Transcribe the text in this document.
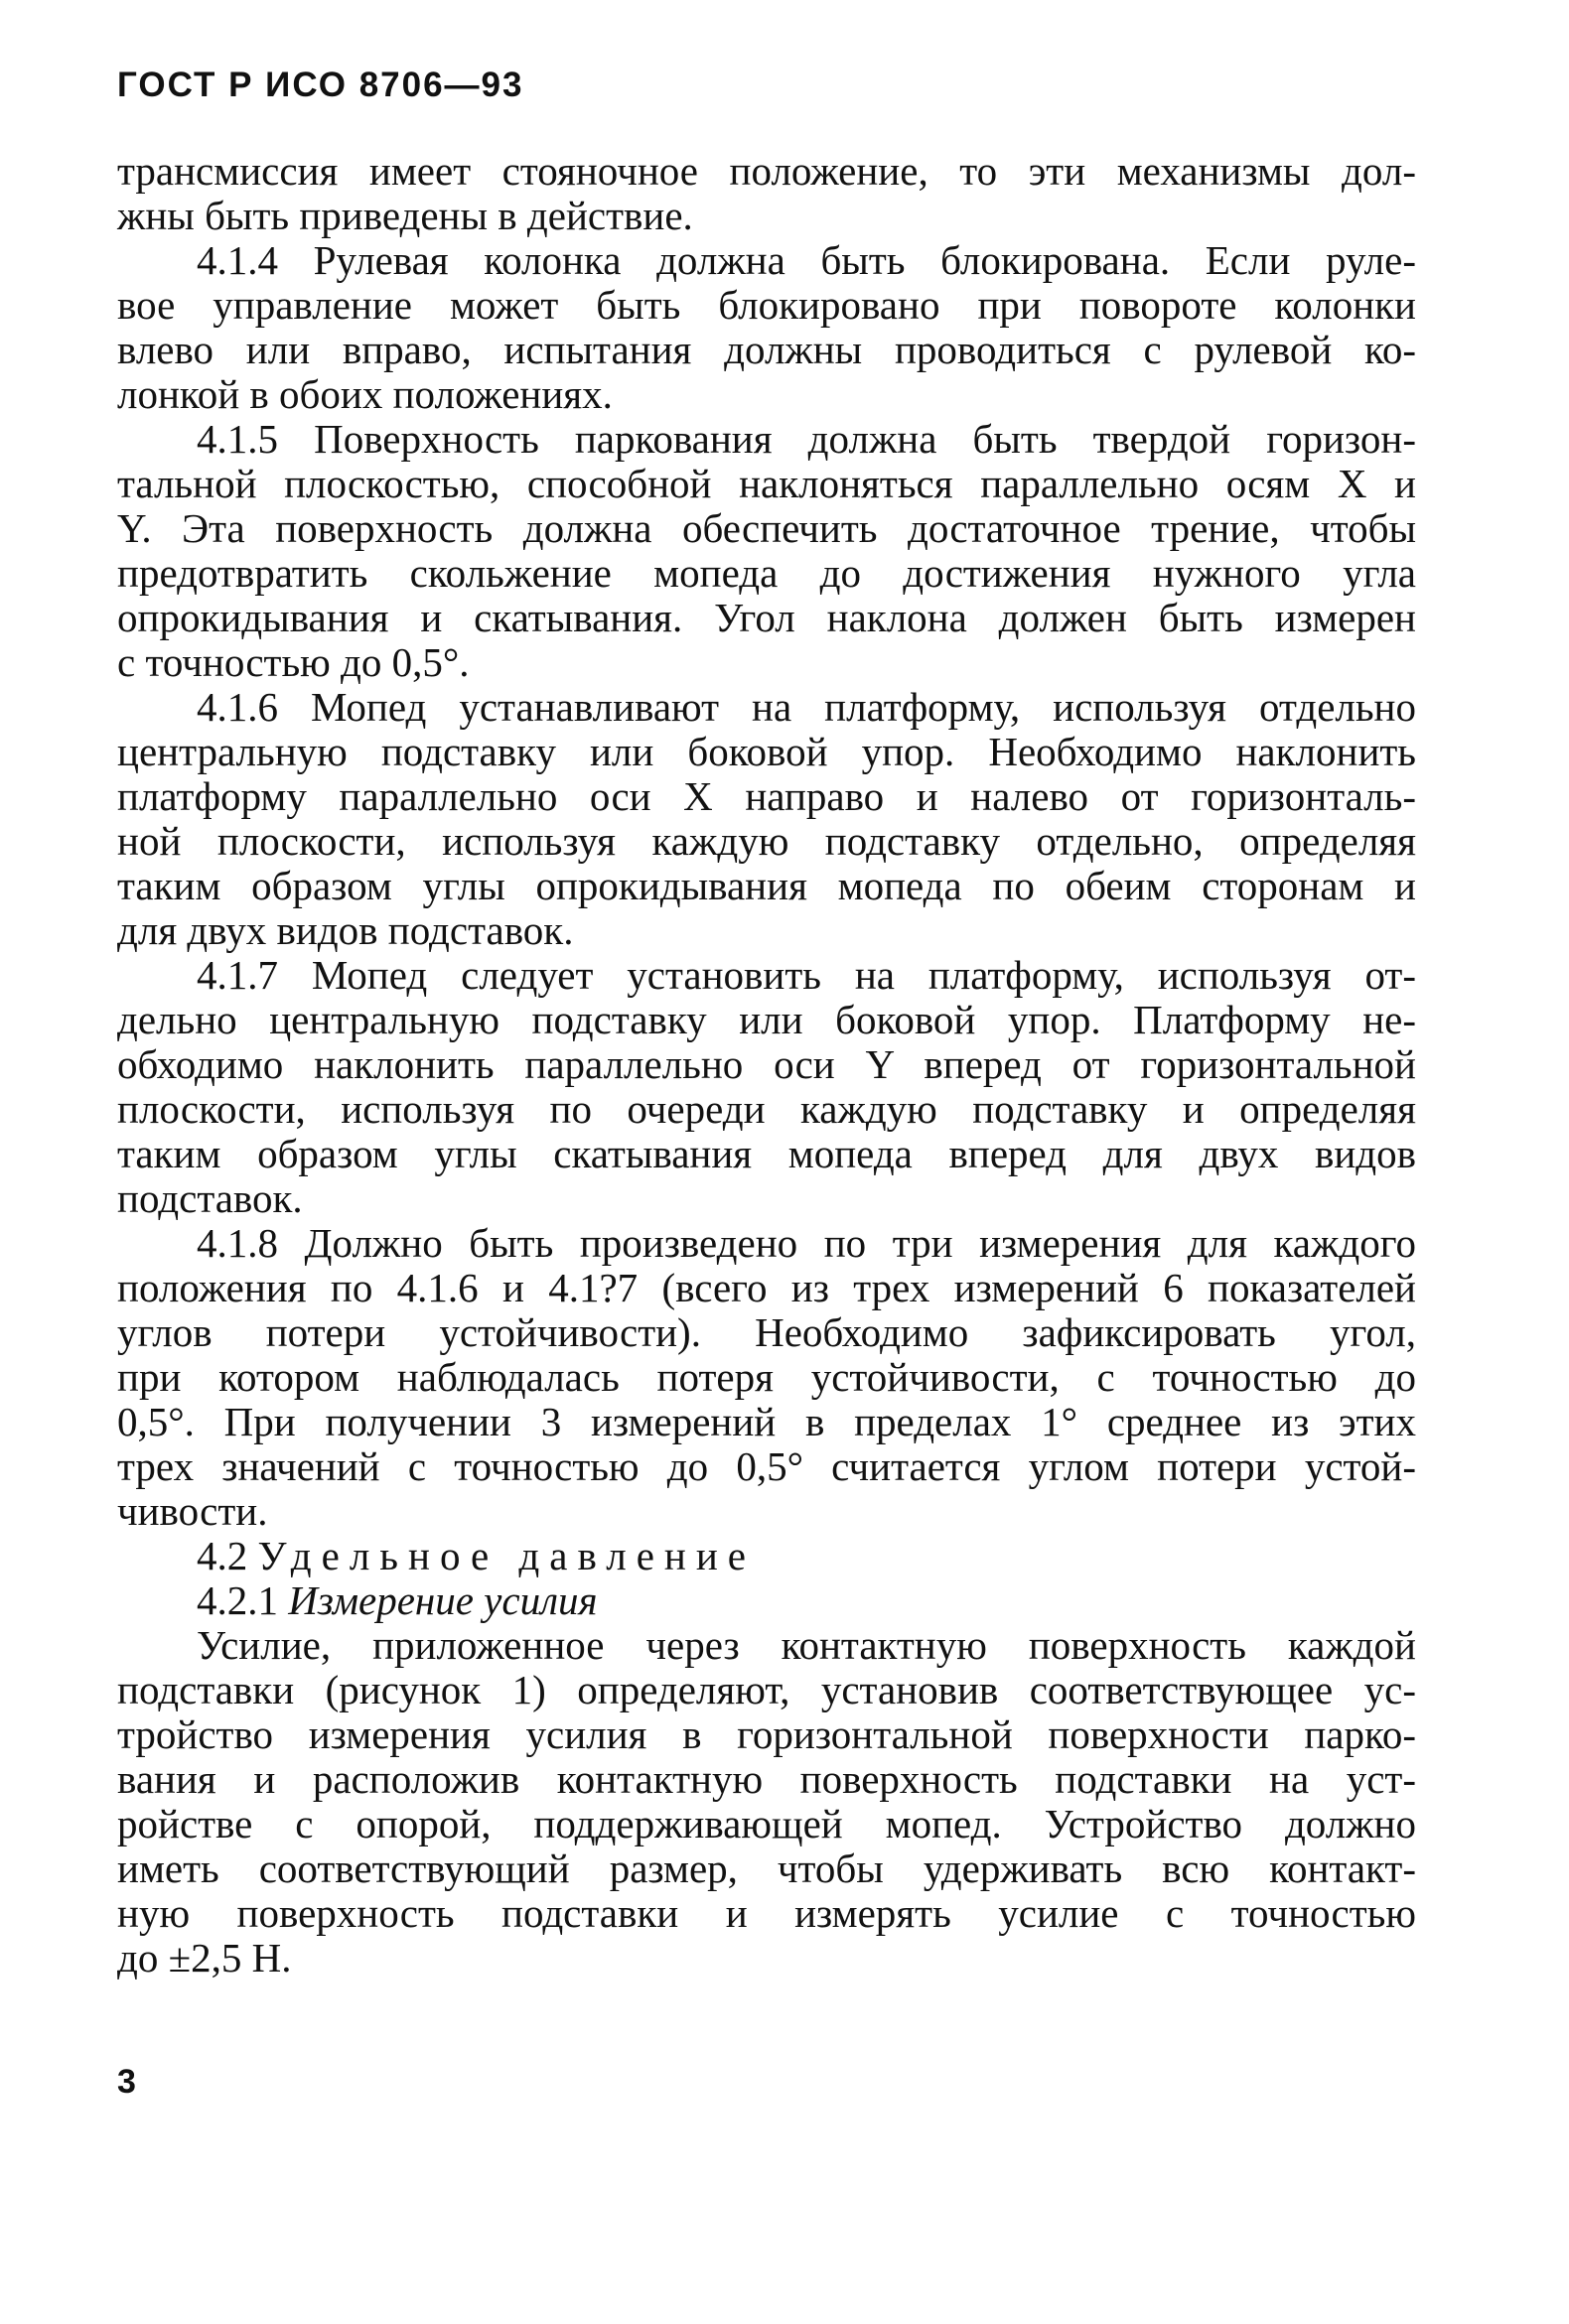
ГОСТ Р ИСО 8706—93
трансмиссия имеет стояночное положение, то эти механизмы дол-
жны быть приведены в действие.
4.1.4 Рулевая колонка должна быть блокирована. Если руле-
вое управление может быть блокировано при повороте колонки
влево или вправо, испытания должны проводиться с рулевой ко-
лонкой в обоих положениях.
4.1.5 Поверхность паркования должна быть твердой горизон-
тальной плоскостью, способной наклоняться параллельно осям X и
Y. Эта поверхность должна обеспечить достаточное трение, чтобы
предотвратить скольжение мопеда до достижения нужного угла
опрокидывания и скатывания. Угол наклона должен быть измерен
с точностью до 0,5°.
4.1.6 Мопед устанавливают на платформу, используя отдельно
центральную подставку или боковой упор. Необходимо наклонить
платформу параллельно оси X направо и налево от горизонталь-
ной плоскости, используя каждую подставку отдельно, определяя
таким образом углы опрокидывания мопеда по обеим сторонам и
для двух видов подставок.
4.1.7 Мопед следует установить на платформу, используя от-
дельно центральную подставку или боковой упор. Платформу не-
обходимо наклонить параллельно оси Y вперед от горизонтальной
плоскости, используя по очереди каждую подставку и определяя
таким образом углы скатывания мопеда вперед для двух видов
подставок.
4.1.8 Должно быть произведено по три измерения для каждого
положения по 4.1.6 и 4.1?7 (всего из трех измерений 6 показателей
углов потери устойчивости). Необходимо зафиксировать угол,
при котором наблюдалась потеря устойчивости, с точностью до
0,5°. При получении 3 измерений в пределах 1° среднее из этих
трех значений с точностью до 0,5° считается углом потери устой-
чивости.
4.2 Удельное давление
4.2.1 Измерение усилия
Усилие, приложенное через контактную поверхность каждой
подставки (рисунок 1) определяют, установив соответствующее ус-
тройство измерения усилия в горизонтальной поверхности парко-
вания и расположив контактную поверхность подставки на уст-
ройстве с опорой, поддерживающей мопед. Устройство должно
иметь соответствующий размер, чтобы удерживать всю контакт-
ную поверхность подставки и измерять усилие с точностью
до ±2,5 Н.
3
